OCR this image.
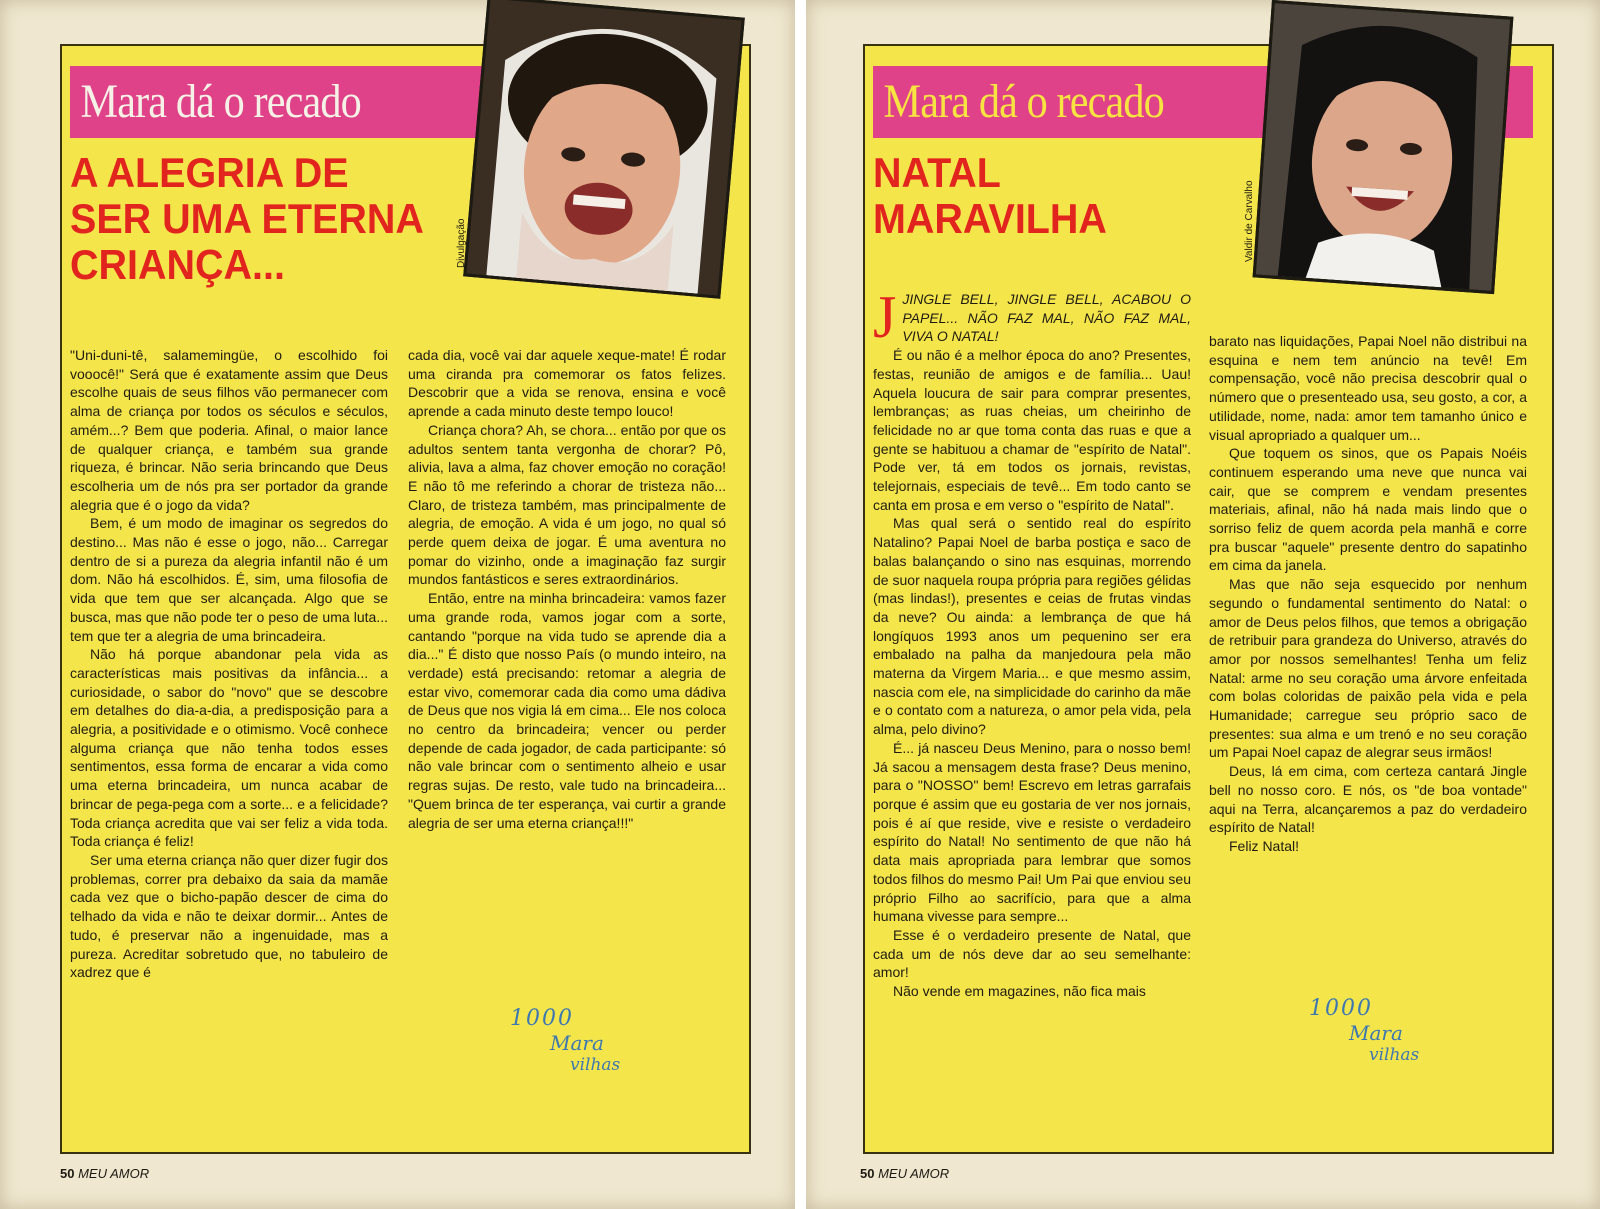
Mara dá o recado
A ALEGRIA DE
SER UMA ETERNA
CRIANÇA...

"Uni-duni-tê, salamemingüe, o escolhido foi vooocê!" Será que é exatamente assim que Deus escolhe quais de seus filhos vão permanecer com alma de criança por todos os séculos e séculos, amém...? Bem que poderia. Afinal, o maior lance de qualquer criança, e também sua grande riqueza, é brincar. Não seria brincando que Deus escolheria um de nós pra ser portador da grande alegria que é o jogo da vida?

Bem, é um modo de imaginar os segredos do destino... Mas não é esse o jogo, não... Carregar dentro de si a pureza da alegria infantil não é um dom. Não há escolhidos. É, sim, uma filosofia de vida que tem que ser alcançada. Algo que se busca, mas que não pode ter o peso de uma luta... tem que ter a alegria de uma brincadeira.

Não há porque abandonar pela vida as características mais positivas da infância... a curiosidade, o sabor do "novo" que se descobre em detalhes do dia-a-dia, a predisposição para a alegria, a positividade e o otimismo. Você conhece alguma criança que não tenha todos esses sentimentos, essa forma de encarar a vida como uma eterna brincadeira, um nunca acabar de brincar de pega-pega com a sorte... e a felicidade? Toda criança acredita que vai ser feliz a vida toda. Toda criança é feliz!

Ser uma eterna criança não quer dizer fugir dos problemas, correr pra debaixo da saia da mamãe cada vez que o bicho-papão descer de cima do telhado da vida e não te deixar dormir... Antes de tudo, é preservar não a ingenuidade, mas a pureza. Acreditar sobretudo que, no tabuleiro de xadrez que é

cada dia, você vai dar aquele xeque-mate! É rodar uma ciranda pra comemorar os fatos felizes. Descobrir que a vida se renova, ensina e você aprende a cada minuto deste tempo louco!

Criança chora? Ah, se chora... então por que os adultos sentem tanta vergonha de chorar? Pô, alivia, lava a alma, faz chover emoção no coração! E não tô me referindo a chorar de tristeza não... Claro, de tristeza também, mas principalmente de alegria, de emoção. A vida é um jogo, no qual só perde quem deixa de jogar. É uma aventura no pomar do vizinho, onde a imaginação faz surgir mundos fantásticos e seres extraordinários.

Então, entre na minha brincadeira: vamos fazer uma grande roda, vamos jogar com a sorte, cantando "porque na vida tudo se aprende dia a dia..." É disto que nosso País (o mundo inteiro, na verdade) está precisando: retomar a alegria de estar vivo, comemorar cada dia como uma dádiva de Deus que nos vigia lá em cima... Ele nos coloca no centro da brincadeira; vencer ou perder depende de cada jogador, de cada participante: só não vale brincar com o sentimento alheio e usar regras sujas. De resto, vale tudo na brincadeira... "Quem brinca de ter esperança, vai curtir a grande alegria de ser uma eterna criança!!!"

1000
Mara
vilhas
50 MEU AMOR
Divulgação
Mara dá o recado
NATAL
MARAVILHA

JJINGLE BELL, JINGLE BELL, ACABOU O PAPEL... NÃO FAZ MAL, NÃO FAZ MAL, VIVA O NATAL!

É ou não é a melhor época do ano? Presentes, festas, reunião de amigos e de família... Uau! Aquela loucura de sair para comprar presentes, lembranças; as ruas cheias, um cheirinho de felicidade no ar que toma conta das ruas e que a gente se habituou a chamar de "espírito de Natal". Pode ver, tá em todos os jornais, revistas, telejornais, especiais de tevê... Em todo canto se canta em prosa e em verso o "espírito de Natal".

Mas qual será o sentido real do espírito Natalino? Papai Noel de barba postiça e saco de balas balançando o sino nas esquinas, morrendo de suor naquela roupa própria para regiões gélidas (mas lindas!), presentes e ceias de frutas vindas da neve? Ou ainda: a lembrança de que há longíquos 1993 anos um pequenino ser era embalado na palha da manjedoura pela mão materna da Virgem Maria... e que mesmo assim, nascia com ele, na simplicidade do carinho da mãe e o contato com a natureza, o amor pela vida, pela alma, pelo divino?

É... já nasceu Deus Menino, para o nosso bem! Já sacou a mensagem desta frase? Deus menino, para o "NOSSO" bem! Escrevo em letras garrafais porque é assim que eu gostaria de ver nos jornais, pois é aí que reside, vive e resiste o verdadeiro espírito do Natal! No sentimento de que não há data mais apropriada para lembrar que somos todos filhos do mesmo Pai! Um Pai que enviou seu próprio Filho ao sacrifício, para que a alma humana vivesse para sempre...

Esse é o verdadeiro presente de Natal, que cada um de nós deve dar ao seu semelhante: amor!

Não vende em magazines, não fica mais

barato nas liquidações, Papai Noel não distribui na esquina e nem tem anúncio na tevê! Em compensação, você não precisa descobrir qual o número que o presenteado usa, seu gosto, a cor, a utilidade, nome, nada: amor tem tamanho único e visual apropriado a qualquer um...

Que toquem os sinos, que os Papais Noéis continuem esperando uma neve que nunca vai cair, que se comprem e vendam presentes materiais, afinal, não há nada mais lindo que o sorriso feliz de quem acorda pela manhã e corre pra buscar "aquele" presente dentro do sapatinho em cima da janela.

Mas que não seja esquecido por nenhum segundo o fundamental sentimento do Natal: o amor de Deus pelos filhos, que temos a obrigação de retribuir para grandeza do Universo, através do amor por nossos semelhantes! Tenha um feliz Natal: arme no seu coração uma árvore enfeitada com bolas coloridas de paixão pela vida e pela Humanidade; carregue seu próprio saco de presentes: sua alma e um trenó e no seu coração um Papai Noel capaz de alegrar seus irmãos!

Deus, lá em cima, com certeza cantará Jingle bell no nosso coro. E nós, os "de boa vontade" aqui na Terra, alcançaremos a paz do verdadeiro espírito de Natal!

Feliz Natal!

1000
Mara
vilhas
50 MEU AMOR
Valdir de Carvalho
